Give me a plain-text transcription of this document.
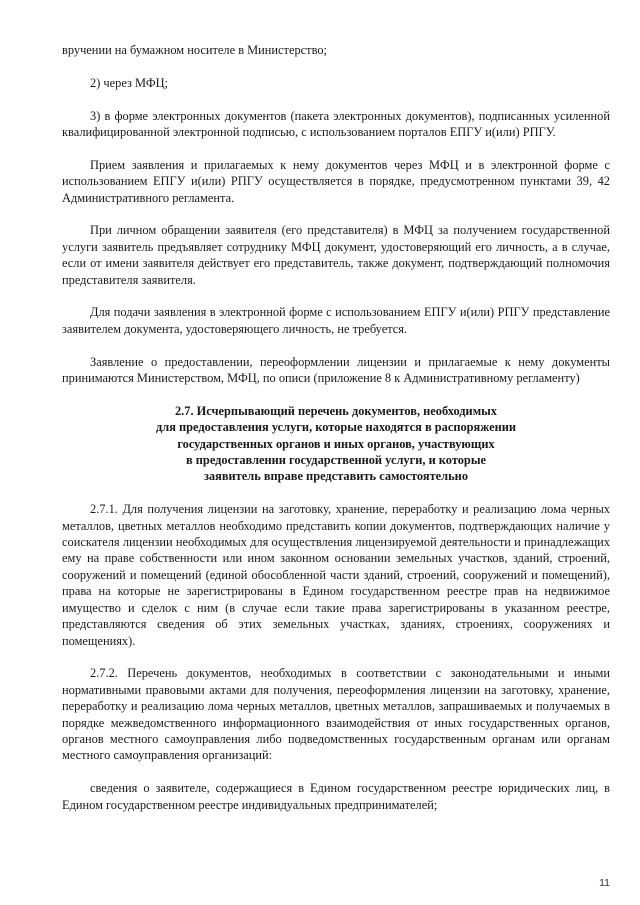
вручении на бумажном носителе в Министерство;

2) через МФЦ;

3) в форме электронных документов (пакета электронных документов), подписанных усиленной квалифицированной электронной подписью, с использованием порталов ЕПГУ и(или) РПГУ.

Прием заявления и прилагаемых к нему документов через МФЦ и в электронной форме с использованием ЕПГУ и(или) РПГУ осуществляется в порядке, предусмотренном пунктами 39, 42 Административного регламента.

При личном обращении заявителя (его представителя) в МФЦ за получением государственной услуги заявитель предъявляет сотруднику МФЦ документ, удостоверяющий его личность, а в случае, если от имени заявителя действует его представитель, также документ, подтверждающий полномочия представителя заявителя.

Для подачи заявления в электронной форме с использованием ЕПГУ и(или) РПГУ представление заявителем документа, удостоверяющего личность, не требуется.

Заявление о предоставлении, переоформлении лицензии и прилагаемые к нему документы принимаются Министерством, МФЦ, по описи (приложение 8 к Административному регламенту)

2.7. Исчерпывающий перечень документов, необходимых
для предоставления услуги, которые находятся в распоряжении
государственных органов и иных органов, участвующих
в предоставлении государственной услуги, и которые
заявитель вправе представить самостоятельно

2.7.1. Для получения лицензии на заготовку, хранение, переработку и реализацию лома черных металлов, цветных металлов необходимо представить копии документов, подтверждающих наличие у соискателя лицензии необходимых для осуществления лицензируемой деятельности и принадлежащих ему на праве собственности или ином законном основании земельных участков, зданий, строений, сооружений и помещений (единой обособленной части зданий, строений, сооружений и помещений), права на которые не зарегистрированы в Едином государственном реестре прав на недвижимое имущество и сделок с ним (в случае если такие права зарегистрированы в указанном реестре, представляются сведения об этих земельных участках, зданиях, строениях, сооружениях и помещениях).

2.7.2. Перечень документов, необходимых в соответствии с законодательными и иными нормативными правовыми актами для получения, переоформления лицензии на заготовку, хранение, переработку и реализацию лома черных металлов, цветных металлов, запрашиваемых и получаемых в порядке межведомственного информационного взаимодействия от иных государственных органов, органов местного самоуправления либо подведомственных государственным органам или органам местного самоуправления организаций:

сведения о заявителе, содержащиеся в Едином государственном реестре юридических лиц, в Едином государственном реестре индивидуальных предпринимателей;

11
